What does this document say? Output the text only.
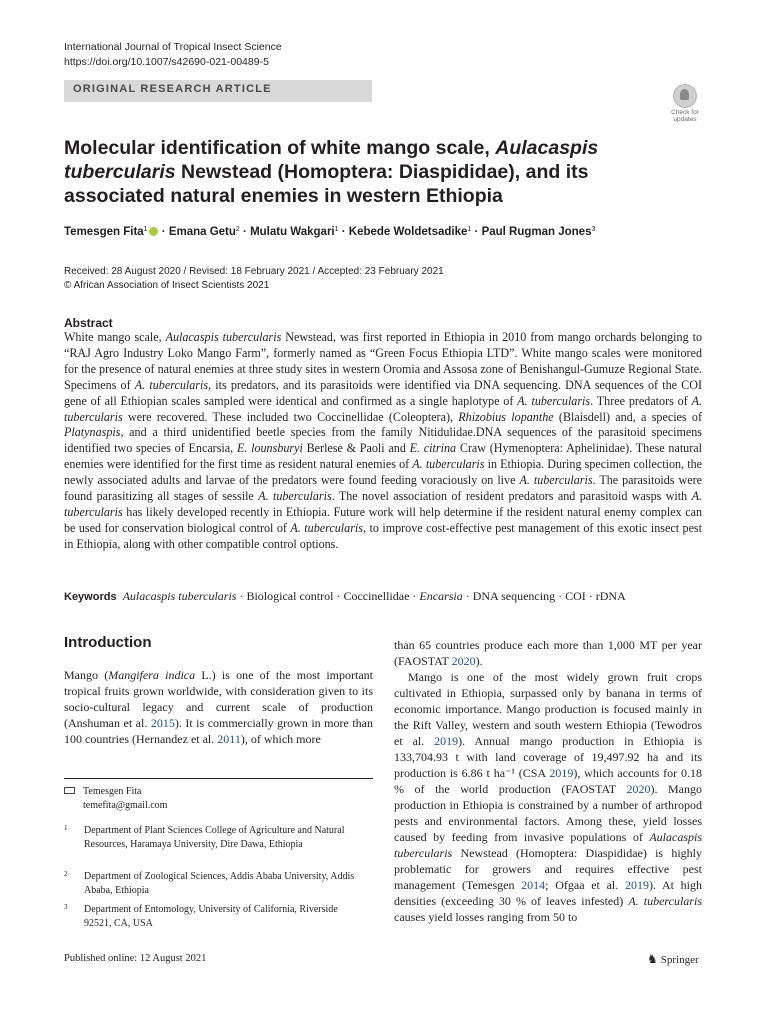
International Journal of Tropical Insect Science
https://doi.org/10.1007/s42690-021-00489-5
ORIGINAL RESEARCH ARTICLE
Check for
updates
Molecular identification of white mango scale, Aulacaspis tubercularis Newstead (Homoptera: Diaspididae), and its associated natural enemies in western Ethiopia
Temesgen Fita$^1$ · Emana Getu$^2$ · Mulatu Wakgari$^1$ · Kebede Woldetsadike$^1$ · Paul Rugman Jones$^3$
Received: 28 August 2020 / Revised: 18 February 2021 / Accepted: 23 February 2021
© African Association of Insect Scientists 2021
Abstract
White mango scale, Aulacaspis tubercularis Newstead, was first reported in Ethiopia in 2010 from mango orchards belonging to “RAJ Agro Industry Loko Mango Farm”, formerly named as “Green Focus Ethiopia LTD”. White mango scales were monitored for the presence of natural enemies at three study sites in western Oromia and Assosa zone of Benishangul-Gumuze Regional State. Specimens of A. tubercularis, its predators, and its parasitoids were identified via DNA sequencing. DNA sequences of the COI gene of all Ethiopian scales sampled were identical and confirmed as a single haplotype of A. tubercularis. Three predators of A. tubercularis were recovered. These included two Coccinellidae (Coleoptera), Rhizobius lopanthe (Blaisdell) and, a species of Platynaspis, and a third unidentified beetle species from the family Nitidulidae.DNA sequences of the parasitoid specimens identified two species of Encarsia, E. lounsburyi Berlese & Paoli and E. citrina Craw (Hymenoptera: Aphelinidae). These natural enemies were identified for the first time as resident natural enemies of A. tubercularis in Ethiopia. During specimen collection, the newly associated adults and larvae of the predators were found feeding voraciously on live A. tubercularis. The parasitoids were found parasitizing all stages of sessile A. tubercularis. The novel association of resident predators and parasitoid wasps with A. tubercularis has likely developed recently in Ethiopia. Future work will help determine if the resident natural enemy complex can be used for conservation biological control of A. tubercularis, to improve cost-effective pest management of this exotic insect pest in Ethiopia, along with other compatible control options.
Keywords Aulacaspis tubercularis · Biological control · Coccinellidae · Encarsia · DNA sequencing · COI · rDNA
Introduction
Mango (Mangifera indica L.) is one of the most important tropical fruits grown worldwide, with consideration given to its socio-cultural legacy and current scale of production (Anshuman et al. 2015). It is commercially grown in more than 100 countries (Hernandez et al. 2011), of which more
than 65 countries produce each more than 1,000 MT per year (FAOSTAT 2020).
Mango is one of the most widely grown fruit crops cultivated in Ethiopia, surpassed only by banana in terms of economic importance. Mango production is focused mainly in the Rift Valley, western and south western Ethiopia (Tewodros et al. 2019). Annual mango production in Ethiopia is 133,704.93 t with land coverage of 19,497.92 ha and its production is 6.86 t ha⁻¹ (CSA 2019), which accounts for 0.18 % of the world production (FAOSTAT 2020). Mango production in Ethiopia is constrained by a number of arthropod pests and environmental factors. Among these, yield losses caused by feeding from invasive populations of Aulacaspis tubercularis Newstead (Homoptera: Diaspididae) is highly problematic for growers and requires effective pest management (Temesgen 2014; Ofgaa et al. 2019). At high densities (exceeding 30 % of leaves infested) A. tubercularis causes yield losses ranging from 50 to
Temesgen Fita
temefita@gmail.com
1 Department of Plant Sciences College of Agriculture and Natural Resources, Haramaya University, Dire Dawa, Ethiopia
2 Department of Zoological Sciences, Addis Ababa University, Addis Ababa, Ethiopia
3 Department of Entomology, University of California, Riverside 92521, CA, USA
Published online: 12 August 2021	♞ Springer
